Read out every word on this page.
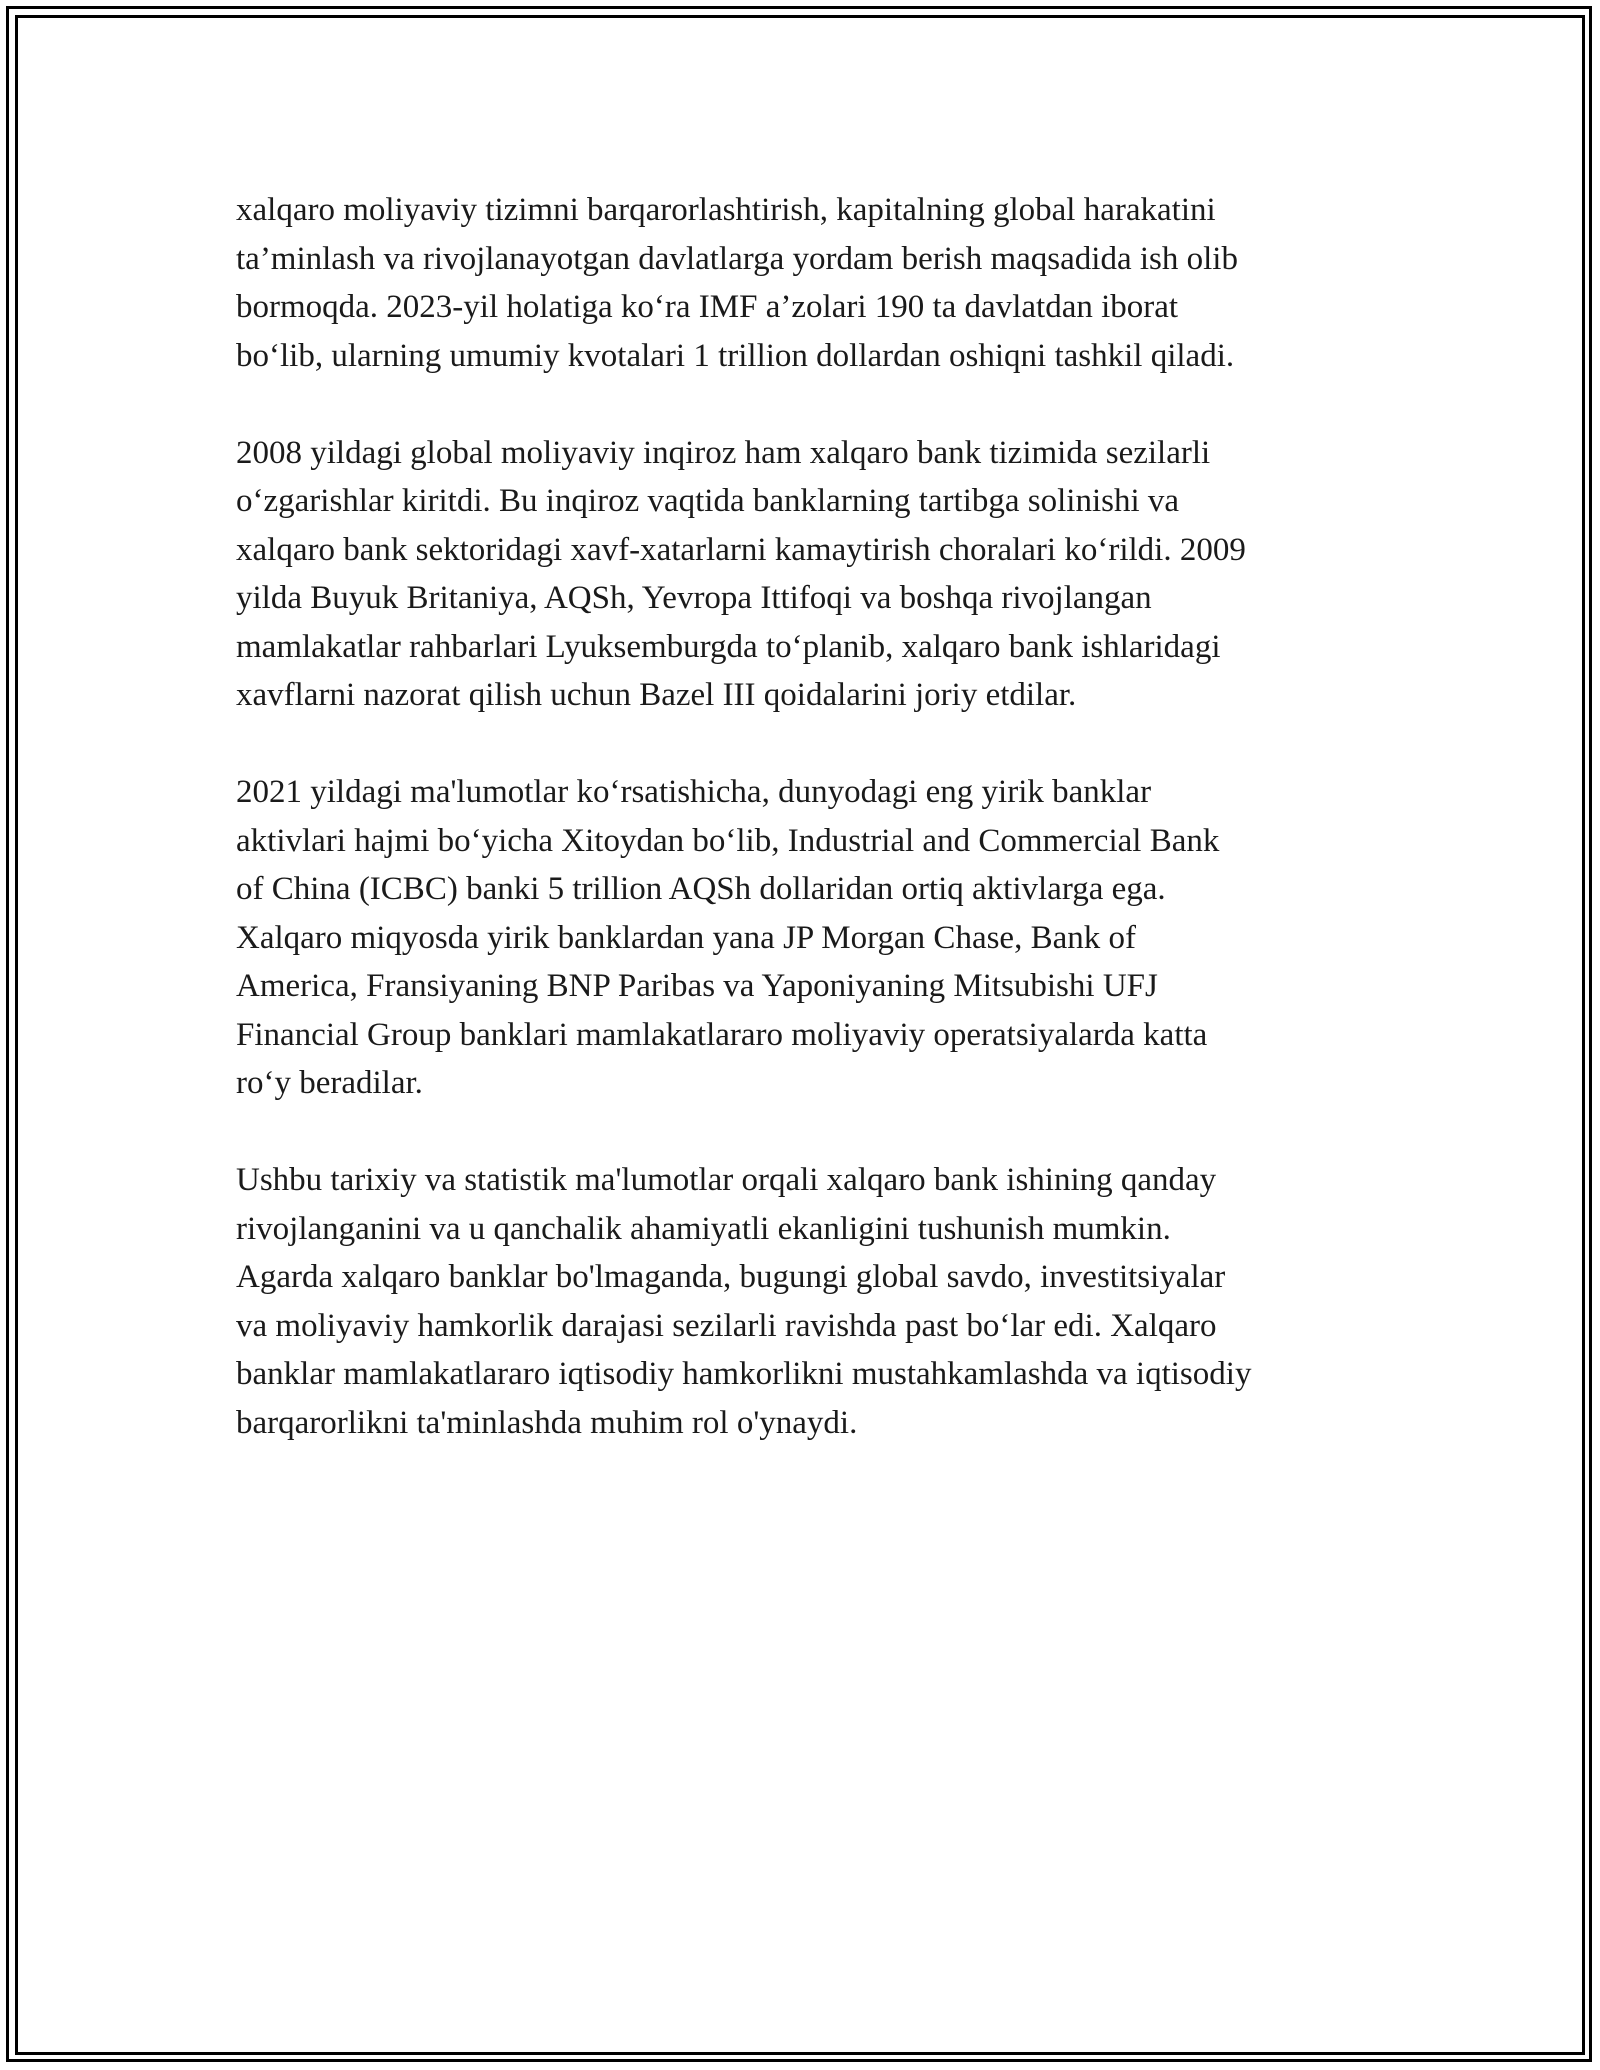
xalqaro moliyaviy tizimni barqarorlashtirish, kapitalning global harakatini
ta’minlash va rivojlanayotgan davlatlarga yordam berish maqsadida ish olib
bormoqda. 2023-yil holatiga ko‘ra IMF a’zolari 190 ta davlatdan iborat
bo‘lib, ularning umumiy kvotalari 1 trillion dollardan oshiqni tashkil qiladi.

2008 yildagi global moliyaviy inqiroz ham xalqaro bank tizimida sezilarli
o‘zgarishlar kiritdi. Bu inqiroz vaqtida banklarning tartibga solinishi va
xalqaro bank sektoridagi xavf-xatarlarni kamaytirish choralari ko‘rildi. 2009
yilda Buyuk Britaniya, AQSh, Yevropa Ittifoqi va boshqa rivojlangan
mamlakatlar rahbarlari Lyuksemburgda to‘planib, xalqaro bank ishlaridagi
xavflarni nazorat qilish uchun Bazel III qoidalarini joriy etdilar.

2021 yildagi ma'lumotlar ko‘rsatishicha, dunyodagi eng yirik banklar
aktivlari hajmi bo‘yicha Xitoydan bo‘lib, Industrial and Commercial Bank
of China (ICBC) banki 5 trillion AQSh dollaridan ortiq aktivlarga ega.
Xalqaro miqyosda yirik banklardan yana JP Morgan Chase, Bank of
America, Fransiyaning BNP Paribas va Yaponiyaning Mitsubishi UFJ
Financial Group banklari mamlakatlararo moliyaviy operatsiyalarda katta
ro‘y beradilar.

Ushbu tarixiy va statistik ma'lumotlar orqali xalqaro bank ishining qanday
rivojlanganini va u qanchalik ahamiyatli ekanligini tushunish mumkin.
Agarda xalqaro banklar bo'lmaganda, bugungi global savdo, investitsiyalar
va moliyaviy hamkorlik darajasi sezilarli ravishda past bo‘lar edi. Xalqaro
banklar mamlakatlararo iqtisodiy hamkorlikni mustahkamlashda va iqtisodiy
barqarorlikni ta'minlashda muhim rol o'ynaydi.
